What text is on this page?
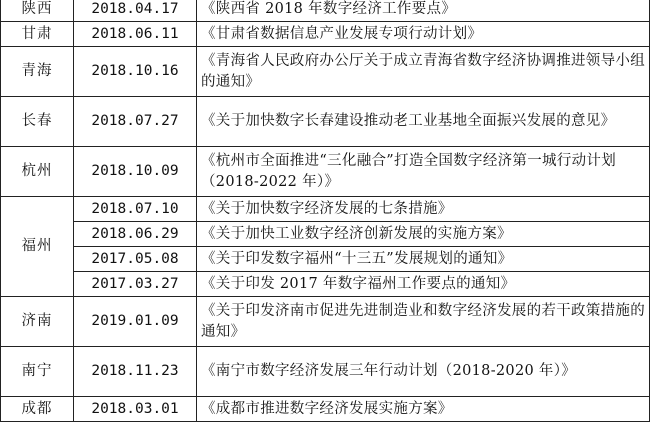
陕西	2018.04.17	《陕西省 2018 年数字经济工作要点》
甘肃	2018.06.11	《甘肃省数据信息产业发展专项行动计划》
青海	2018.10.16	《青海省人民政府办公厅关于成立青海省数字经济协调推进领导小组的通知》
长春	2018.07.27	《关于加快数字长春建设推动老工业基地全面振兴发展的意见》
杭州	2018.10.09	《杭州市全面推进“三化融合”打造全国数字经济第一城行动计划（2018-2022 年）》
福州	2018.07.10	《关于加快数字经济发展的七条措施》
	2018.06.29	《关于加快工业数字经济创新发展的实施方案》
	2017.05.08	《关于印发数字福州“十三五”发展规划的通知》
	2017.03.27	《关于印发 2017 年数字福州工作要点的通知》
济南	2019.01.09	《关于印发济南市促进先进制造业和数字经济发展的若干政策措施的通知》
南宁	2018.11.23	《南宁市数字经济发展三年行动计划（2018-2020 年）》
成都	2018.03.01	《成都市推进数字经济发展实施方案》
